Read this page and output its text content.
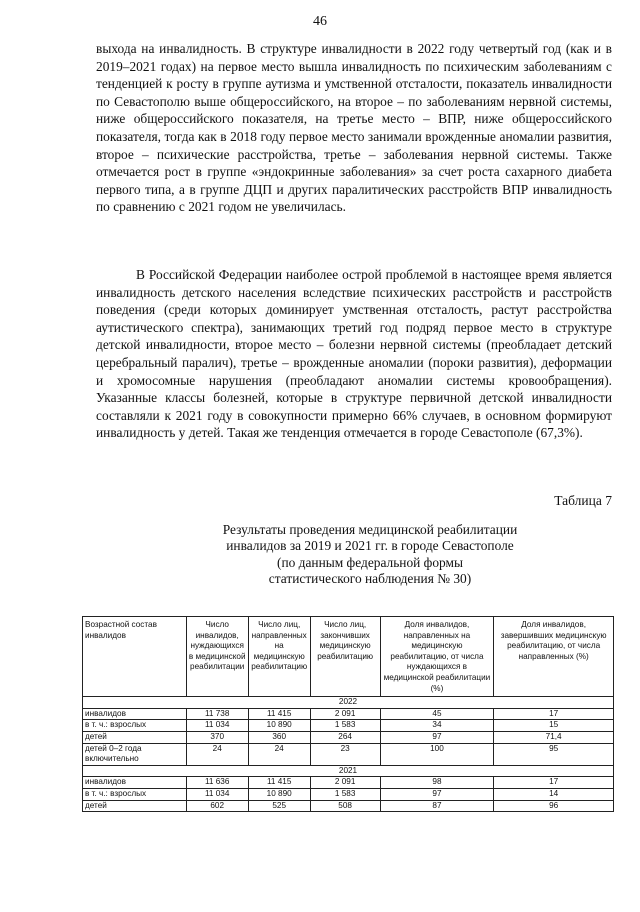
46

выхода на инвалидность. В структуре инвалидности в 2022 году четвертый год (как и в 2019–2021 годах) на первое место вышла инвалидность по психическим заболеваниям с тенденцией к росту в группе аутизма и умственной отсталости, показатель инвалидности по Севастополю выше общероссийского, на второе – по заболеваниям нервной системы, ниже общероссийского показателя, на третье место – ВПР, ниже общероссийского показателя, тогда как в 2018 году первое место занимали врожденные аномалии развития, второе – психические расстройства, третье – заболевания нервной системы. Также отмечается рост в группе «эндокринные заболевания» за счет роста сахарного диабета первого типа, а в группе ДЦП и других паралитических расстройств ВПР инвалидность по сравнению с 2021 годом не увеличилась.

В Российской Федерации наиболее острой проблемой в настоящее время является инвалидность детского населения вследствие психических расстройств и расстройств поведения (среди которых доминирует умственная отсталость, растут расстройства аутистического спектра), занимающих третий год подряд первое место в структуре детской инвалидности, второе место – болезни нервной системы (преобладает детский церебральный паралич), третье – врожденные аномалии (пороки развития), деформации и хромосомные нарушения (преобладают аномалии системы кровообращения). Указанные классы болезней, которые в структуре первичной детской инвалидности составляли к 2021 году в совокупности примерно 66% случаев, в основном формируют инвалидность у детей. Такая же тенденция отмечается в городе Севастополе (67,3%).

Таблица 7
Результаты проведения медицинской реабилитации
инвалидов за 2019 и 2021 гг. в городе Севастополе
(по данным федеральной формы
статистического наблюдения № 30)
Возрастной состав инвалидов	Число инвалидов, нуждающихся в медицинской реабилитации	Число лиц, направленных на медицинскую реабилитацию	Число лиц, закончивших медицинскую реабилитацию	Доля инвалидов, направленных на медицинскую реабилитацию, от числа нуждающихся в медицинской реабилитации (%)	Доля инвалидов, завершивших медицинскую реабилитацию, от числа направленных (%)
2022					
инвалидов	11 738	11 415	2 091	45	17
в т. ч.: взрослых	11 034	10 890	1 583	34	15
детей	370	360	264	97	71,4
детей 0–2 года включительно	24	24	23	100	95
2021					
инвалидов	11 636	11 415	2 091	98	17
в т. ч.: взрослых	11 034	10 890	1 583	97	14
детей	602	525	508	87	96
